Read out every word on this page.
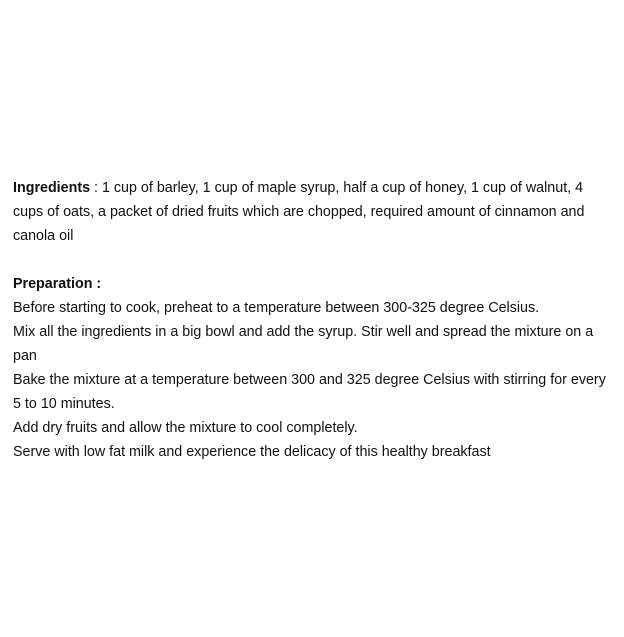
Ingredients : 1 cup of barley, 1 cup of maple syrup, half a cup of honey, 1 cup of walnut, 4 cups of oats, a packet of dried fruits which are chopped, required amount of cinnamon and canola oil

Preparation :

Before starting to cook, preheat to a temperature between 300-325 degree Celsius.

Mix all the ingredients in a big bowl and add the syrup. Stir well and spread the mixture on a pan

Bake the mixture at a temperature between 300 and 325 degree Celsius with stirring for every 5 to 10 minutes.

Add dry fruits and allow the mixture to cool completely.

Serve with low fat milk and experience the delicacy of this healthy breakfast
